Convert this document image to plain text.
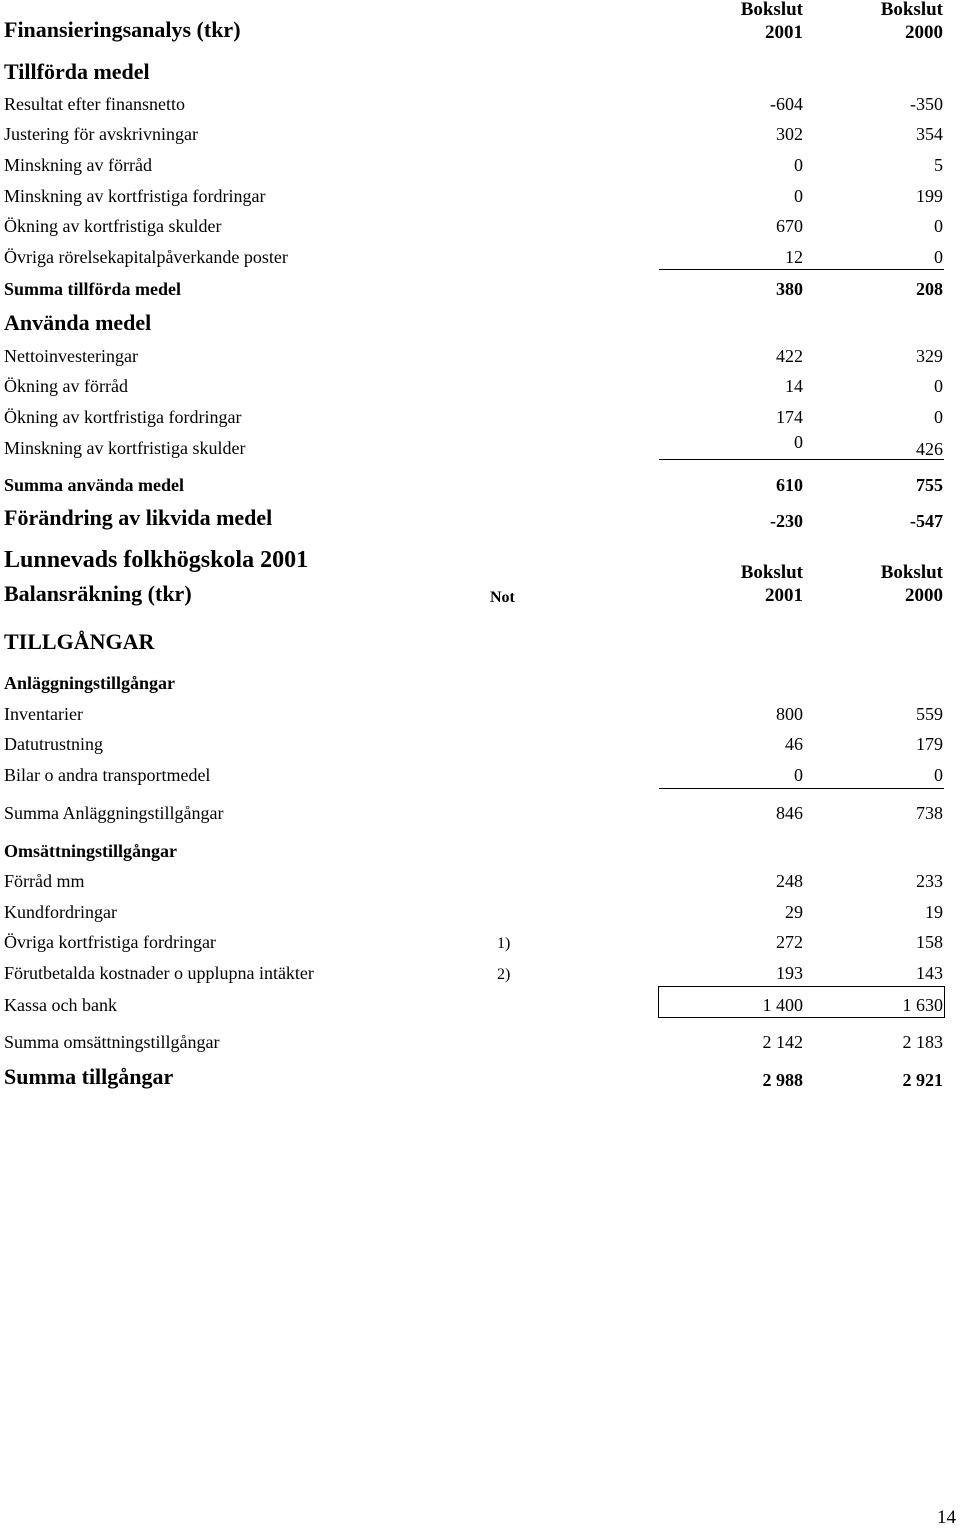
Bokslut	Bokslut
Finansieringsanalys (tkr)	2001	2000
Tillförda medel
Resultat efter finansnetto	-604	-350
Justering för avskrivningar	302	354
Minskning av förråd	0	5
Minskning av kortfristiga fordringar	0	199
Ökning av kortfristiga skulder	670	0
Övriga rörelsekapitalpåverkande poster	12	0
Summa tillförda medel	380	208
Använda medel
Nettoinvesteringar	422	329
Ökning av förråd	14	0
Ökning av kortfristiga fordringar	174	0
Minskning av kortfristiga skulder	0	426
Summa använda medel	610	755
Förändring av likvida medel	-230	-547
Lunnevads folkhögskola 2001	Bokslut	Bokslut
Balansräkning (tkr)	Not	2001	2000
TILLGÅNGAR
Anläggningstillgångar
Inventarier	800	559
Datutrustning	46	179
Bilar o andra transportmedel	0	0
Summa Anläggningstillgångar	846	738
Omsättningstillgångar
Förråd mm	248	233
Kundfordringar	29	19
Övriga kortfristiga fordringar	1)	272	158
Förutbetalda kostnader o upplupna intäkter	2)	193	143
Kassa och bank	1 400	1 630
Summa omsättningstillgångar	2 142	2 183
Summa tillgångar	2 988	2 921
14
